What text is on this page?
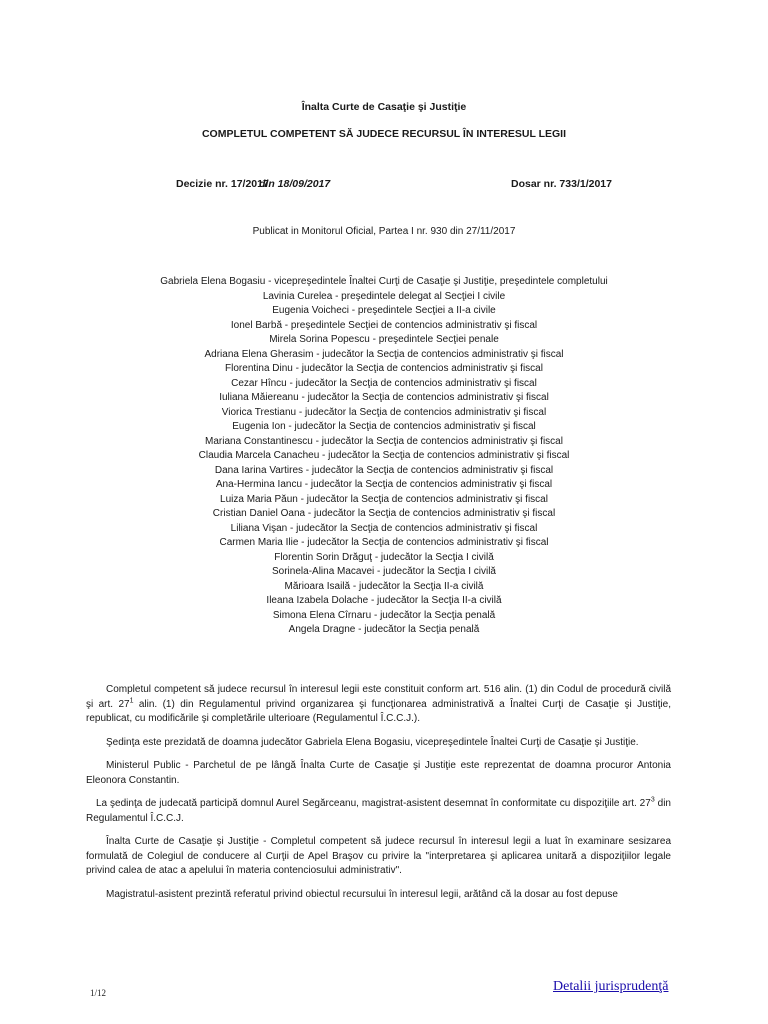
Înalta Curte de Casaţie şi Justiţie
COMPLETUL COMPETENT SĂ JUDECE RECURSUL ÎN INTERESUL LEGII
Decizie nr. 17/2017
din 18/09/2017	Dosar nr. 733/1/2017
Publicat in Monitorul Oficial, Partea I nr. 930 din 27/11/2017
Gabriela Elena Bogasiu - vicepreşedintele Înaltei Curţi de Casaţie şi Justiţie, preşedintele completului
Lavinia Curelea - preşedintele delegat al Secţiei I civile
Eugenia Voicheci - preşedintele Secţiei a II-a civile
Ionel Barbă - preşedintele Secţiei de contencios administrativ şi fiscal
Mirela Sorina Popescu - preşedintele Secţiei penale
Adriana Elena Gherasim - judecător la Secţia de contencios administrativ şi fiscal
Florentina Dinu - judecător la Secţia de contencios administrativ şi fiscal
Cezar Hîncu - judecător la Secţia de contencios administrativ şi fiscal
Iuliana Măiereanu - judecător la Secţia de contencios administrativ şi fiscal
Viorica Trestianu - judecător la Secţia de contencios administrativ şi fiscal
Eugenia Ion - judecător la Secţia de contencios administrativ şi fiscal
Mariana Constantinescu - judecător la Secţia de contencios administrativ şi fiscal
Claudia Marcela Canacheu - judecător la Secţia de contencios administrativ şi fiscal
Dana Iarina Vartires - judecător la Secţia de contencios administrativ şi fiscal
Ana-Hermina Iancu - judecător la Secţia de contencios administrativ şi fiscal
Luiza Maria Păun - judecător la Secţia de contencios administrativ şi fiscal
Cristian Daniel Oana - judecător la Secţia de contencios administrativ şi fiscal
Liliana Vişan - judecător la Secţia de contencios administrativ şi fiscal
Carmen Maria Ilie - judecător la Secţia de contencios administrativ şi fiscal
Florentin Sorin Drăguţ - judecător la Secţia I civilă
Sorinela-Alina Macavei - judecător la Secţia I civilă
Mărioara Isailă - judecător la Secţia II-a civilă
Ileana Izabela Dolache - judecător la Secţia II-a civilă
Simona Elena Cîrnaru - judecător la Secţia penală
Angela Dragne - judecător la Secţia penală

Completul competent să judece recursul în interesul legii este constituit conform art. 516 alin. (1) din Codul de procedură civilă şi art. $27^1$ alin. (1) din Regulamentul privind organizarea şi funcţionarea administrativă a Înaltei Curţi de Casaţie şi Justiţie, republicat, cu modificările şi completările ulterioare (Regulamentul Î.C.C.J.).

Şedinţa este prezidată de doamna judecător Gabriela Elena Bogasiu, vicepreşedintele Înaltei Curţi de Casaţie şi Justiţie.

Ministerul Public - Parchetul de pe lângă Înalta Curte de Casaţie şi Justiţie este reprezentat de doamna procuror Antonia Eleonora Constantin.

La şedinţa de judecată participă domnul Aurel Segărceanu, magistrat-asistent desemnat în conformitate cu dispoziţiile art. $27^3$ din Regulamentul Î.C.C.J.

Înalta Curte de Casaţie şi Justiţie - Completul competent să judece recursul în interesul legii a luat în examinare sesizarea formulată de Colegiul de conducere al Curţii de Apel Braşov cu privire la "interpretarea şi aplicarea unitară a dispoziţiilor legale privind calea de atac a apelului în materia contenciosului administrativ".

Magistratul-asistent prezintă referatul privind obiectul recursului în interesul legii, arătând că la dosar au fost depuse

1/12	Detalii jurisprudenţă
